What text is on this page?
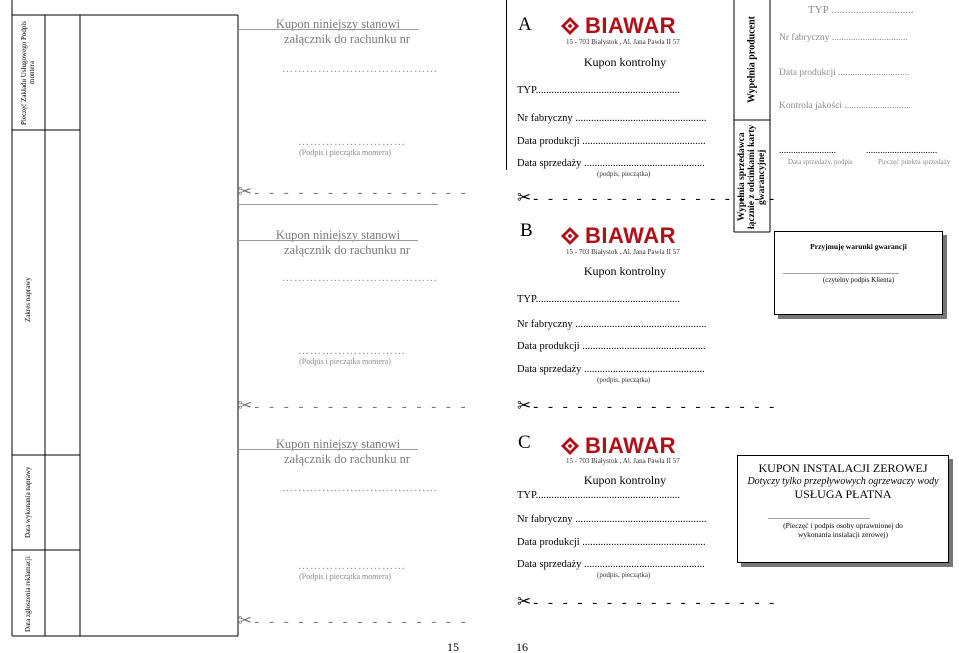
Pieczęć Zakładu Usługowego Podpis montera
Zakres naprawy
Data wykonania naprawy
Data zgłoszenia reklamacji
Kupon niniejszy stanowi
załącznik do rachunku nr
…………………………………
………………………
(Podpis i pieczątka montera)
✂ - - - - - - - - - - - - - - -
Kupon niniejszy stanowi
załącznik do rachunku nr
…………………………………
………………………
(Podpis i pieczątka montera)
✂ - - - - - - - - - - - - - - -
Kupon niniejszy stanowi
załącznik do rachunku nr
…………………………………
………………………
(Podpis i pieczątka montera)
✂ - - - - - - - - - - - - - - -
A BIAWAR
15 - 703 Białystok , Al. Jana Pawła II 57
Kupon kontrolny
TYP.......................................................
Nr fabryczny ..................................................
Data produkcji ...............................................
Data sprzedaży ..............................................
(podpis, pieczątka)
✂ - - - - - - - - - - - - - - - - -
B BIAWAR
15 - 703 Białystok , Al. Jana Pawła II 57
Kupon kontrolny
TYP.......................................................
Nr fabryczny ..................................................
Data produkcji ...............................................
Data sprzedaży ..............................................
(podpis, pieczątka)
✂ - - - - - - - - - - - - - - - - -
C BIAWAR
15 - 703 Białystok , Al. Jana Pawła II 57
Kupon kontrolny
TYP.......................................................
Nr fabryczny ..................................................
Data produkcji ...............................................
Data sprzedaży ..............................................
(podpis, pieczątka)
✂ - - - - - - - - - - - - - - - - -
Wypełnia producent
Wypełnia sprzedawca łącznie z odcinkami karty gwarancyjnej
TYP ..............................
Nr fabryczny ................................
Data produkcji ..............................
Kontrola jakości ............................
........................	..............................
Data sprzedaży, podpis	Pieczęć punktu sprzedaży
Przyjmuję warunki gwarancji
..........................................................
(czytelny podpis Klienta)
KUPON INSTALACJI ZEROWEJ
Dotyczy tylko przepływowych ogrzewaczy wody
USŁUGA PŁATNA
...................................................
(Pieczęć i podpis osoby uprawnionej do wykonania instalacji zerowej)
15	16
